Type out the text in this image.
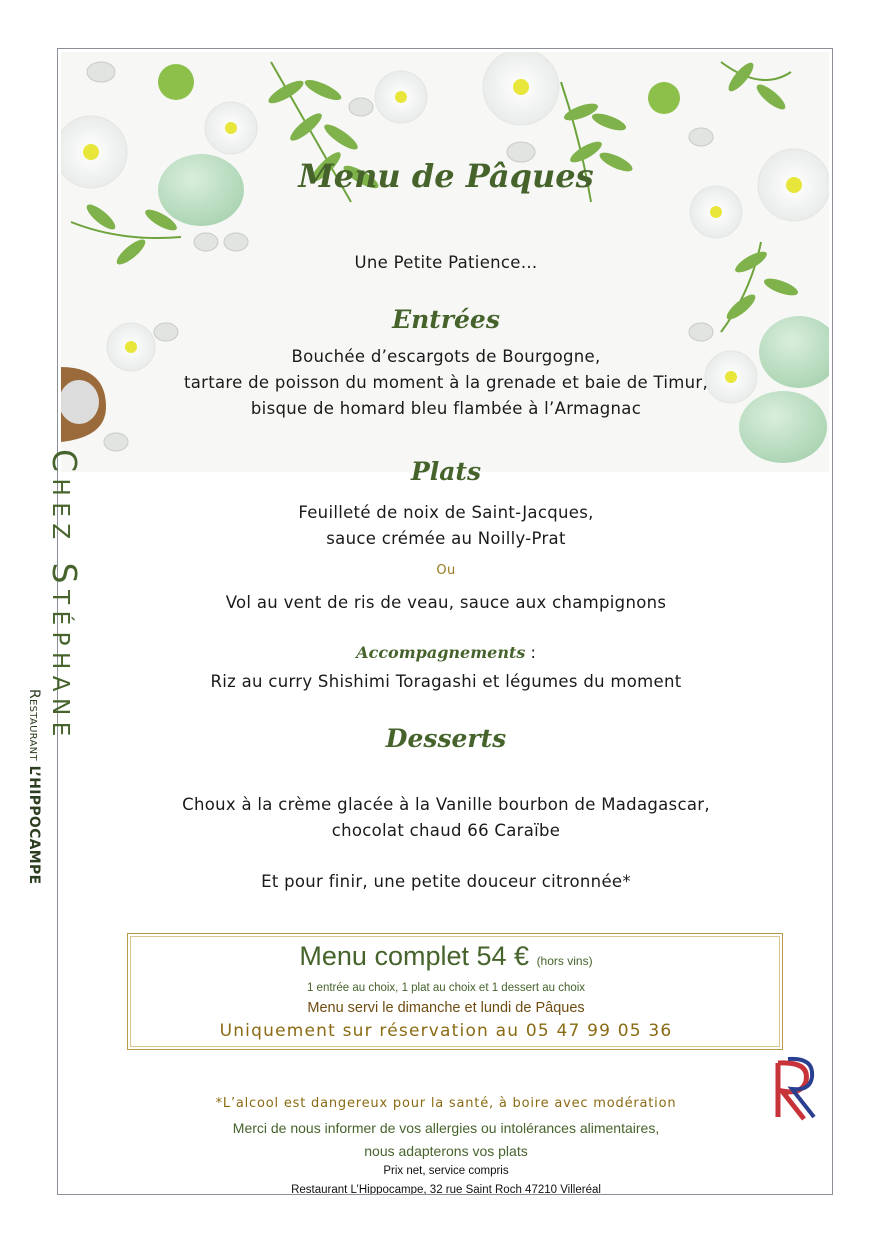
Menu de Pâques
Une Petite Patience…
Entrées
Bouchée d’escargots de Bourgogne,
tartare de poisson du moment à la grenade et baie de Timur,
bisque de homard bleu flambée à l’Armagnac
Plats
Feuilleté de noix de Saint-Jacques,
sauce crémée au Noilly-Prat
Ou
Vol au vent de ris de veau, sauce aux champignons
Accompagnements :
Riz au curry Shishimi Toragashi et légumes du moment
Desserts
Choux à la crème glacée à la Vanille bourbon de Madagascar,
chocolat chaud 66 Caraïbe
Et pour finir, une petite douceur citronnée*
Menu complet 54 € (hors vins)
1 entrée au choix, 1 plat au choix et 1 dessert au choix
Menu servi le dimanche et lundi de Pâques
Uniquement sur réservation au 05 47 99 05 36
*L’alcool est dangereux pour la santé, à boire avec modération
Merci de nous informer de vos allergies ou intolérances alimentaires,
nous adapterons vos plats
Prix net, service compris
Restaurant L’Hippocampe, 32 rue Saint Roch 47210 Villeréal
Chez Stéphane
Restaurant L’HIPPOCAMPE
